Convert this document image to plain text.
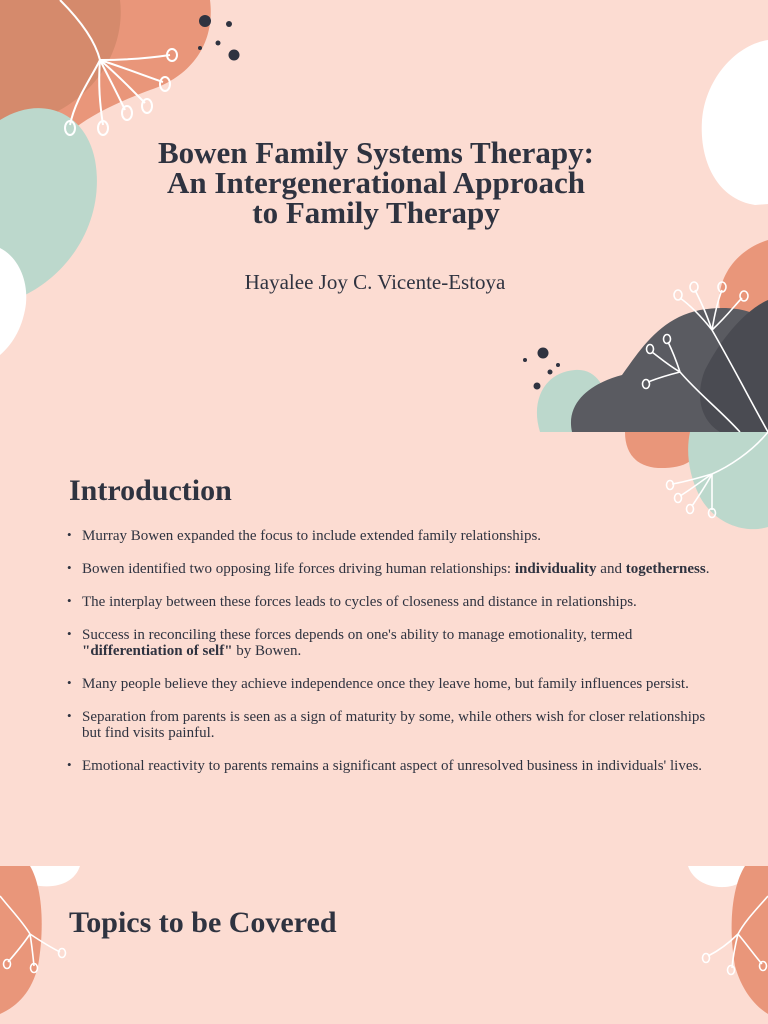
Bowen Family Systems Therapy:
An Intergenerational Approach
to Family Therapy

Hayalee Joy C. Vicente-Estoya

Introduction
• Murray Bowen expanded the focus to include extended family relationships.
• Bowen identified two opposing life forces driving human relationships: individuality and togetherness.
• The interplay between these forces leads to cycles of closeness and distance in relationships.
• Success in reconciling these forces depends on one's ability to manage emotionality, termed "differentiation of self" by Bowen.
• Many people believe they achieve independence once they leave home, but family influences persist.
• Separation from parents is seen as a sign of maturity by some, while others wish for closer relationships but find visits painful.
• Emotional reactivity to parents remains a significant aspect of unresolved business in individuals' lives.
Topics to be Covered
